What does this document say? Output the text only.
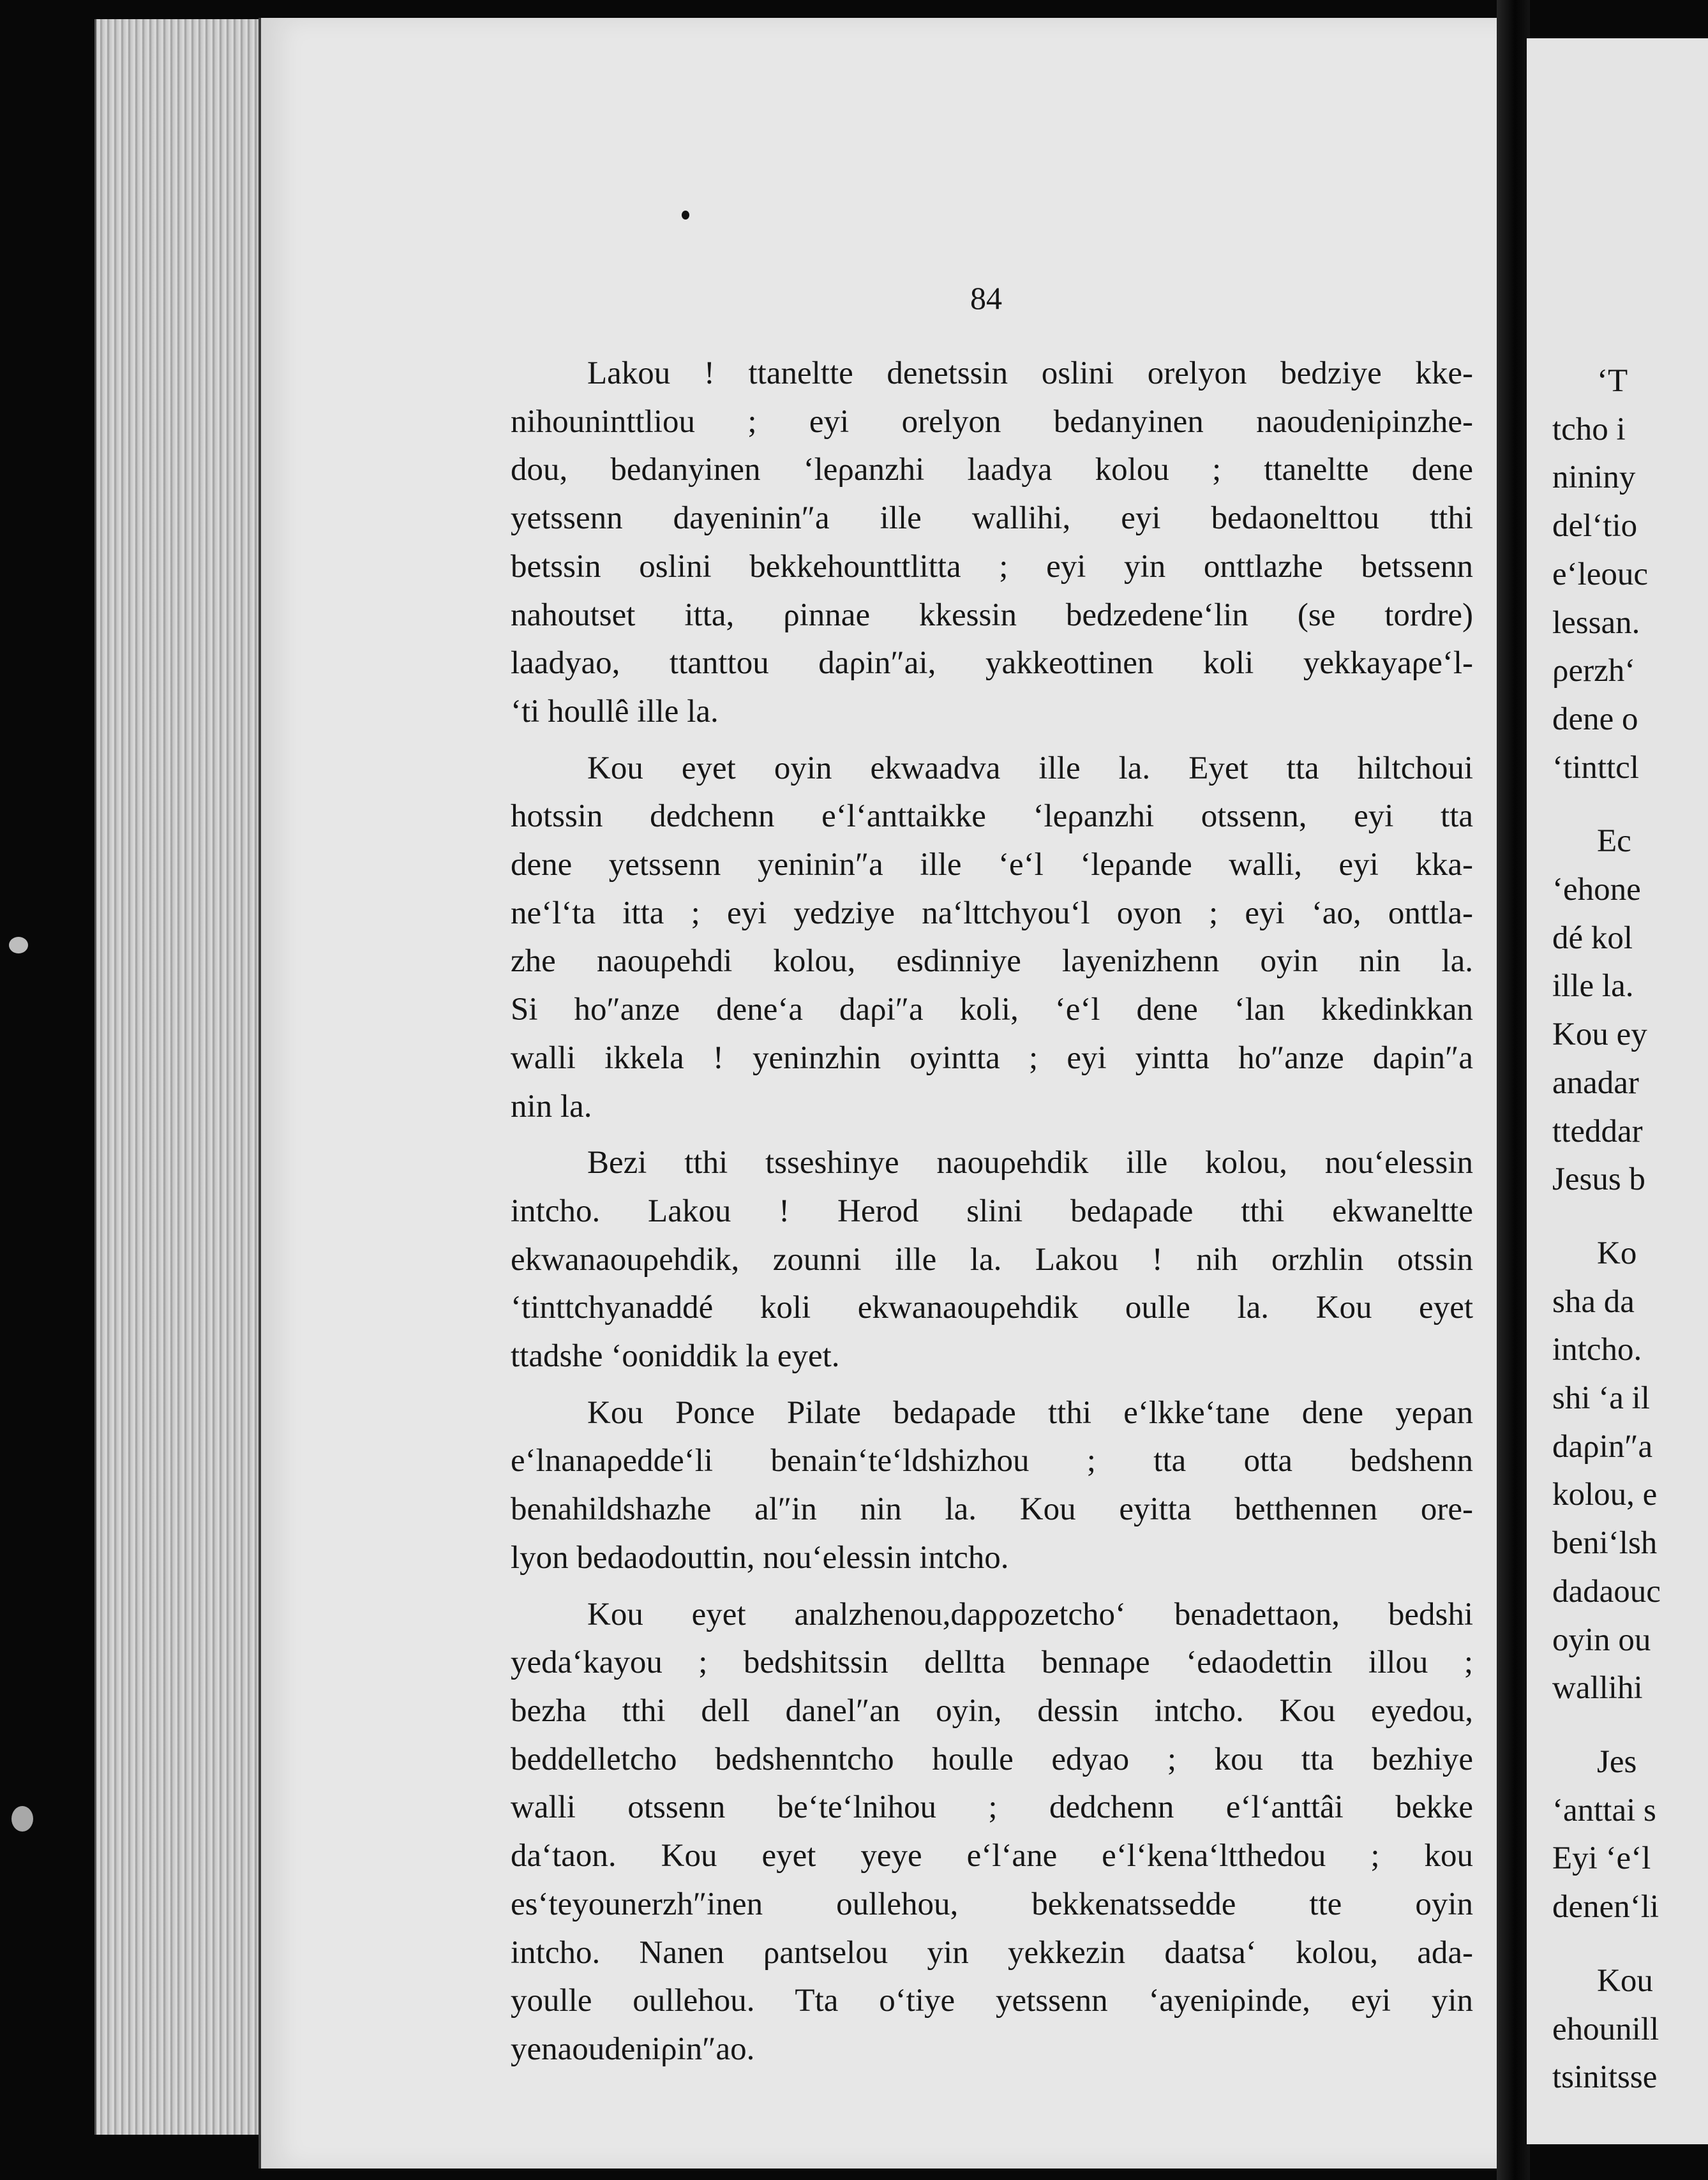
84
Lakou ! ttaneltte denetssin oslini orelyon bedziye kke-
nihouninttliou ; eyi orelyon bedanyinen naoudeniρinzhe-
dou, bedanyinen ‘leρanzhi laadya kolou ; ttaneltte dene
yetssenn dayeninin″a ille wallihi, eyi bedaonelttou tthi
betssin oslini bekkehounttlitta ; eyi yin onttlazhe betssenn
nahoutset itta, ρinnae kkessin bedzedene‘lin (se tordre)
laadyao, ttanttou daρin″ai, yakkeottinen koli yekkayaρe‘l-
‘ti houllê ille la.
Kou eyet oyin ekwaadva ille la. Eyet tta hiltchoui
hotssin dedchenn e‘l‘anttaikke ‘leρanzhi otssenn, eyi tta
dene yetssenn yeninin″a ille ‘e‘l ‘leρande walli, eyi kka-
ne‘l‘ta itta ; eyi yedziye na‘lttchyou‘l oyon ; eyi ‘ao, onttla-
zhe naouρehdi kolou, esdinniye layenizhenn oyin nin la.
Si ho″anze dene‘a daρi″a koli, ‘e‘l dene ‘lan kkedinkkan
walli ikkela ! yeninzhin oyintta ; eyi yintta ho″anze daρin″a
nin la.
Bezi tthi tsseshinye naouρehdik ille kolou, nou‘elessin
intcho. Lakou ! Herod slini bedaρade tthi ekwaneltte
ekwanaouρehdik, zounni ille la. Lakou ! nih orzhlin otssin
‘tinttchyanaddé koli ekwanaouρehdik oulle la. Kou eyet
ttadshe ‘ooniddik la eyet.
Kou Ponce Pilate bedaρade tthi e‘lkke‘tane dene yeρan
e‘lnanaρedde‘li benain‘te‘ldshizhou ; tta otta bedshenn
benahildshazhe al″in nin la. Kou eyitta betthennen ore-
lyon bedaodouttin, nou‘elessin intcho.
Kou eyet analzhenou,daρρozetcho‘ benadettaon, bedshi
yeda‘kayou ; bedshitssin delltta bennaρe ‘edaodettin illou ;
bezha tthi dell danel″an oyin, dessin intcho. Kou eyedou,
beddelletcho bedshenntcho houlle edyao ; kou tta bezhiye
walli otssenn be‘te‘lnihou ; dedchenn e‘l‘anttâi bekke
da‘taon. Kou eyet yeye e‘l‘ane e‘l‘kena‘ltthedou ; kou
es‘teyounerzh″inen oullehou, bekkenatssedde tte oyin
intcho. Nanen ρantselou yin yekkezin daatsa‘ kolou, ada-
youlle oullehou. Tta o‘tiye yetssenn ‘ayeniρinde, eyi yin
yenaoudeniρin″ao.
‘T
tcho i
nininy
del‘tio
e‘leouc
lessan.
ρerzh‘
dene o
‘tinttcl
Ec
‘ehone
dé kol
ille la.
Kou ey
anadar
tteddar
Jesus b
Ko
sha da
intcho.
shi ‘a il
daρin″a
kolou, e
beni‘lsh
dadaouc
oyin ou
wallihi
Jes
‘anttai s
Eyi ‘e‘l
denen‘li
Kou
ehounill
tsinitsse
